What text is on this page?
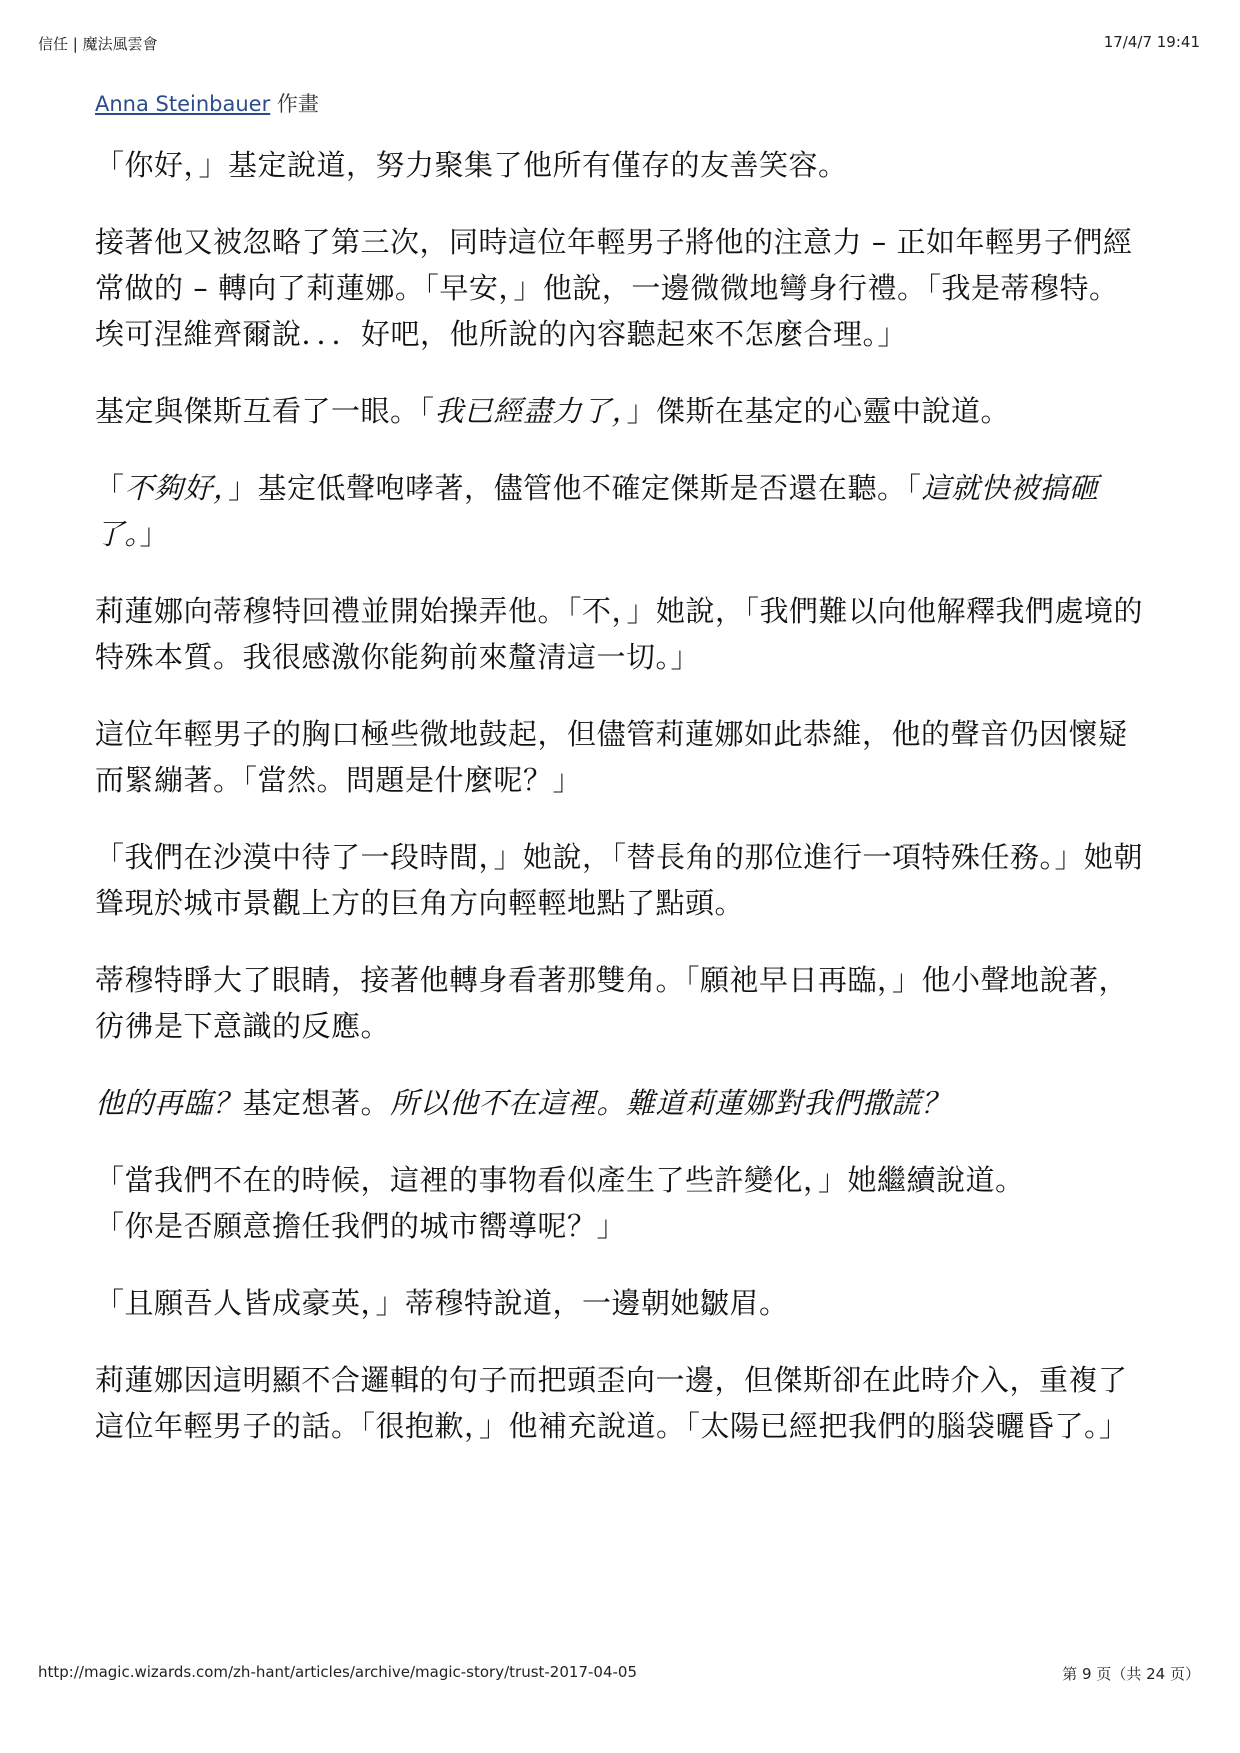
信任 | 魔法風雲會	17/4/7 19:41
Anna Steinbauer 作畫

「你好，」基定說道，努力聚集了他所有僅存的友善笑容。

接著他又被忽略了第三次，同時這位年輕男子將他的注意力 – 正如年輕男子們經常做的 – 轉向了莉蓮娜。「早安，」他說，一邊微微地彎身行禮。「我是蒂穆特。埃可涅維齊爾說．．．好吧，他所說的內容聽起來不怎麼合理。」

基定與傑斯互看了一眼。「我已經盡力了，」傑斯在基定的心靈中說道。

「不夠好，」基定低聲咆哮著，儘管他不確定傑斯是否還在聽。「這就快被搞砸了。」

莉蓮娜向蒂穆特回禮並開始操弄他。「不，」她說，「我們難以向他解釋我們處境的特殊本質。我很感激你能夠前來釐清這一切。」

這位年輕男子的胸口極些微地鼓起，但儘管莉蓮娜如此恭維，他的聲音仍因懷疑而緊繃著。「當然。問題是什麼呢？」

「我們在沙漠中待了一段時間，」她說，「替長角的那位進行一項特殊任務。」她朝聳現於城市景觀上方的巨角方向輕輕地點了點頭。

蒂穆特睜大了眼睛，接著他轉身看著那雙角。「願祂早日再臨，」他小聲地說著，彷彿是下意識的反應。

他的再臨？基定想著。所以他不在這裡。難道莉蓮娜對我們撒謊？

「當我們不在的時候，這裡的事物看似產生了些許變化，」她繼續說道。
「你是否願意擔任我們的城市嚮導呢？」

「且願吾人皆成豪英，」蒂穆特說道，一邊朝她皺眉。

莉蓮娜因這明顯不合邏輯的句子而把頭歪向一邊，但傑斯卻在此時介入，重複了這位年輕男子的話。「很抱歉，」他補充說道。「太陽已經把我們的腦袋曬昏了。」

http://magic.wizards.com/zh-hant/articles/archive/magic-story/trust-2017-04-05	第 9 页（共 24 页）
